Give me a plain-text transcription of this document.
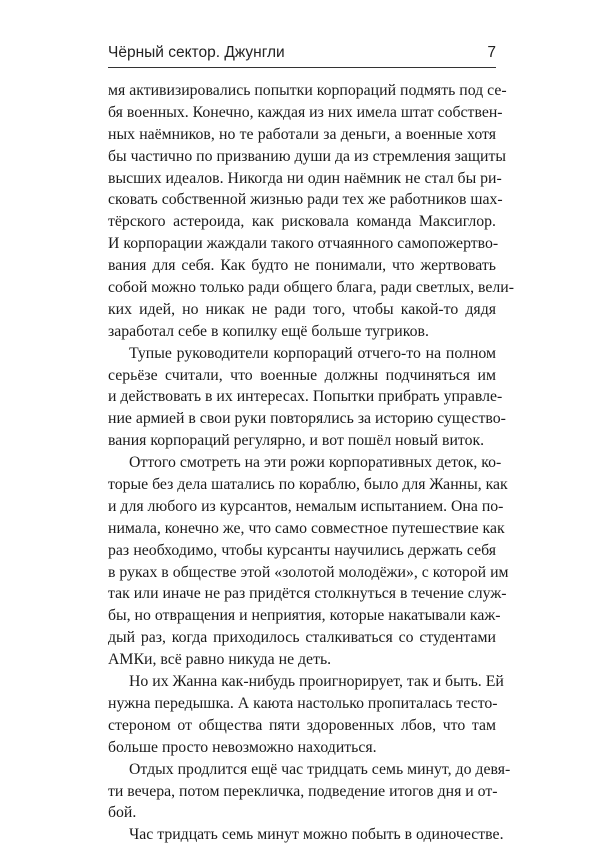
Чёрный сектор. Джунгли	7
мя активизировались попытки корпораций подмять под се-
бя военных. Конечно, каждая из них имела штат собствен-
ных наёмников, но те работали за деньги, а военные хотя
бы частично по призванию души да из стремления защиты
высших идеалов. Никогда ни один наёмник не стал бы ри-
сковать собственной жизнью ради тех же работников шах-
тёрского астероида, как рисковала команда Максиглор.
И корпорации жаждали такого отчаянного самопожертво-
вания для себя. Как будто не понимали, что жертвовать
собой можно только ради общего блага, ради светлых, вели-
ких идей, но никак не ради того, чтобы какой-то дядя
заработал себе в копилку ещё больше тугриков.
Тупые руководители корпораций отчего-то на полном
серьёзе считали, что военные должны подчиняться им
и действовать в их интересах. Попытки прибрать управле-
ние армией в свои руки повторялись за историю существо-
вания корпораций регулярно, и вот пошёл новый виток.
Оттого смотреть на эти рожи корпоративных деток, ко-
торые без дела шатались по кораблю, было для Жанны, как
и для любого из курсантов, немалым испытанием. Она по-
нимала, конечно же, что само совместное путешествие как
раз необходимо, чтобы курсанты научились держать себя
в руках в обществе этой «золотой молодёжи», с которой им
так или иначе не раз придётся столкнуться в течение служ-
бы, но отвращения и неприятия, которые накатывали каж-
дый раз, когда приходилось сталкиваться со студентами
АМКи, всё равно никуда не деть.
Но их Жанна как-нибудь проигнорирует, так и быть. Ей
нужна передышка. А каюта настолько пропиталась тесто-
стероном от общества пяти здоровенных лбов, что там
больше просто невозможно находиться.
Отдых продлится ещё час тридцать семь минут, до девя-
ти вечера, потом перекличка, подведение итогов дня и от-
бой.
Час тридцать семь минут можно побыть в одиночестве.
